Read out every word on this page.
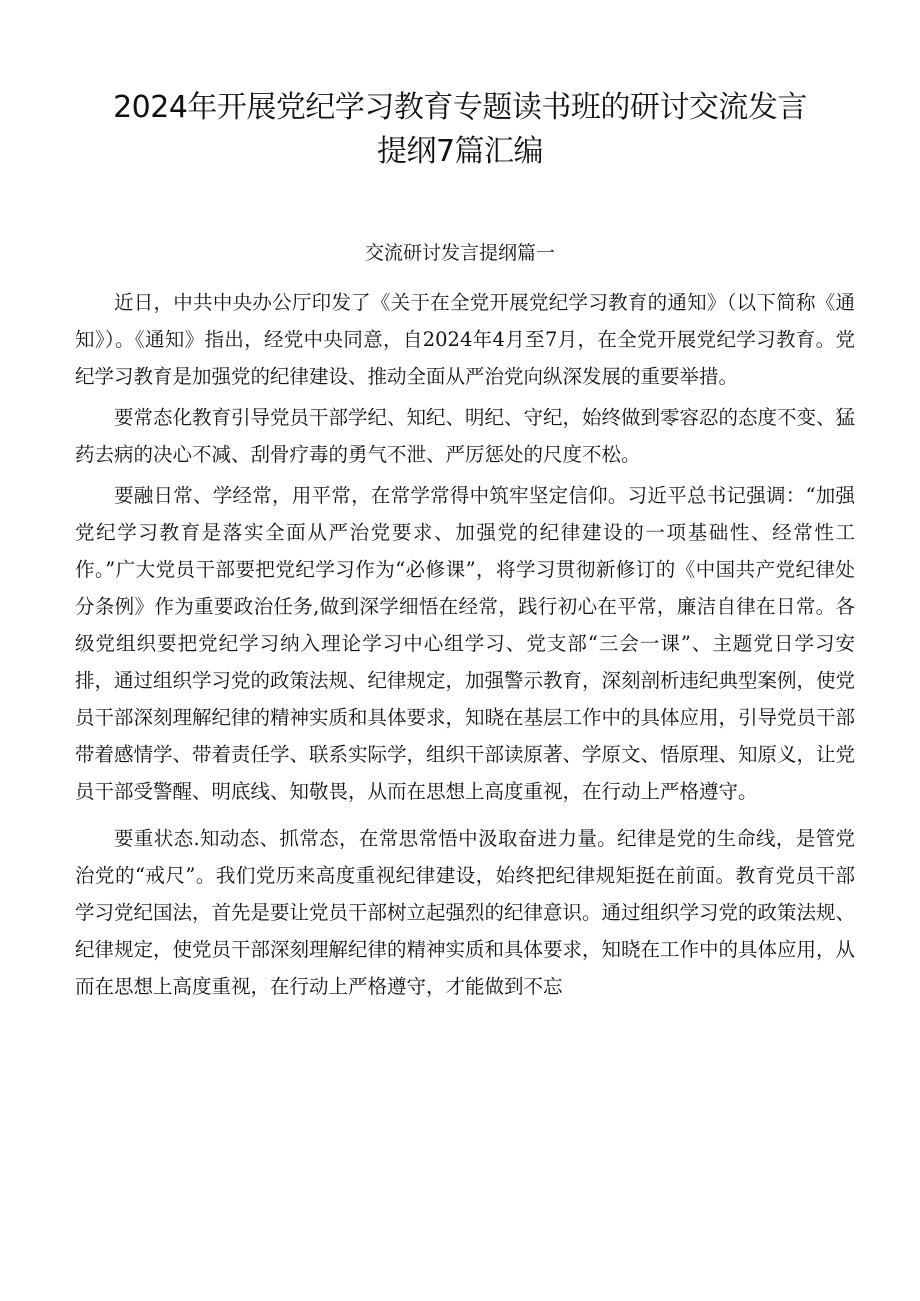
2024年开展党纪学习教育专题读书班的研讨交流发言
提纲7篇汇编
交流研讨发言提纲篇一

近日，中共中央办公厅印发了《关于在全党开展党纪学习教育的通知》（以下简称《通知》）。《通知》指出，经党中央同意，自2024年4月至7月，在全党开展党纪学习教育。党纪学习教育是加强党的纪律建设、推动全面从严治党向纵深发展的重要举措。

要常态化教育引导党员干部学纪、知纪、明纪、守纪，始终做到零容忍的态度不变、猛药去病的决心不减、刮骨疗毒的勇气不泄、严厉惩处的尺度不松。

要融日常、学经常，用平常，在常学常得中筑牢坚定信仰。习近平总书记强调：“加强党纪学习教育是落实全面从严治党要求、加强党的纪律建设的一项基础性、经常性工作。”广大党员干部要把党纪学习作为“必修课”，将学习贯彻新修订的《中国共产党纪律处分条例》作为重要政治任务,做到深学细悟在经常，践行初心在平常，廉洁自律在日常。各级党组织要把党纪学习纳入理论学习中心组学习、党支部“三会一课”、主题党日学习安排，通过组织学习党的政策法规、纪律规定，加强警示教育，深刻剖析违纪典型案例，使党员干部深刻理解纪律的精神实质和具体要求，知晓在基层工作中的具体应用，引导党员干部带着感情学、带着责任学、联系实际学，组织干部读原著、学原文、悟原理、知原义，让党员干部受警醒、明底线、知敬畏，从而在思想上高度重视，在行动上严格遵守。

要重状态.知动态、抓常态，在常思常悟中汲取奋进力量。纪律是党的生命线，是管党治党的“戒尺”。我们党历来高度重视纪律建设，始终把纪律规矩挺在前面。教育党员干部学习党纪国法，首先是要让党员干部树立起强烈的纪律意识。通过组织学习党的政策法规、纪律规定，使党员干部深刻理解纪律的精神实质和具体要求，知晓在工作中的具体应用，从而在思想上高度重视，在行动上严格遵守，才能做到不忘
